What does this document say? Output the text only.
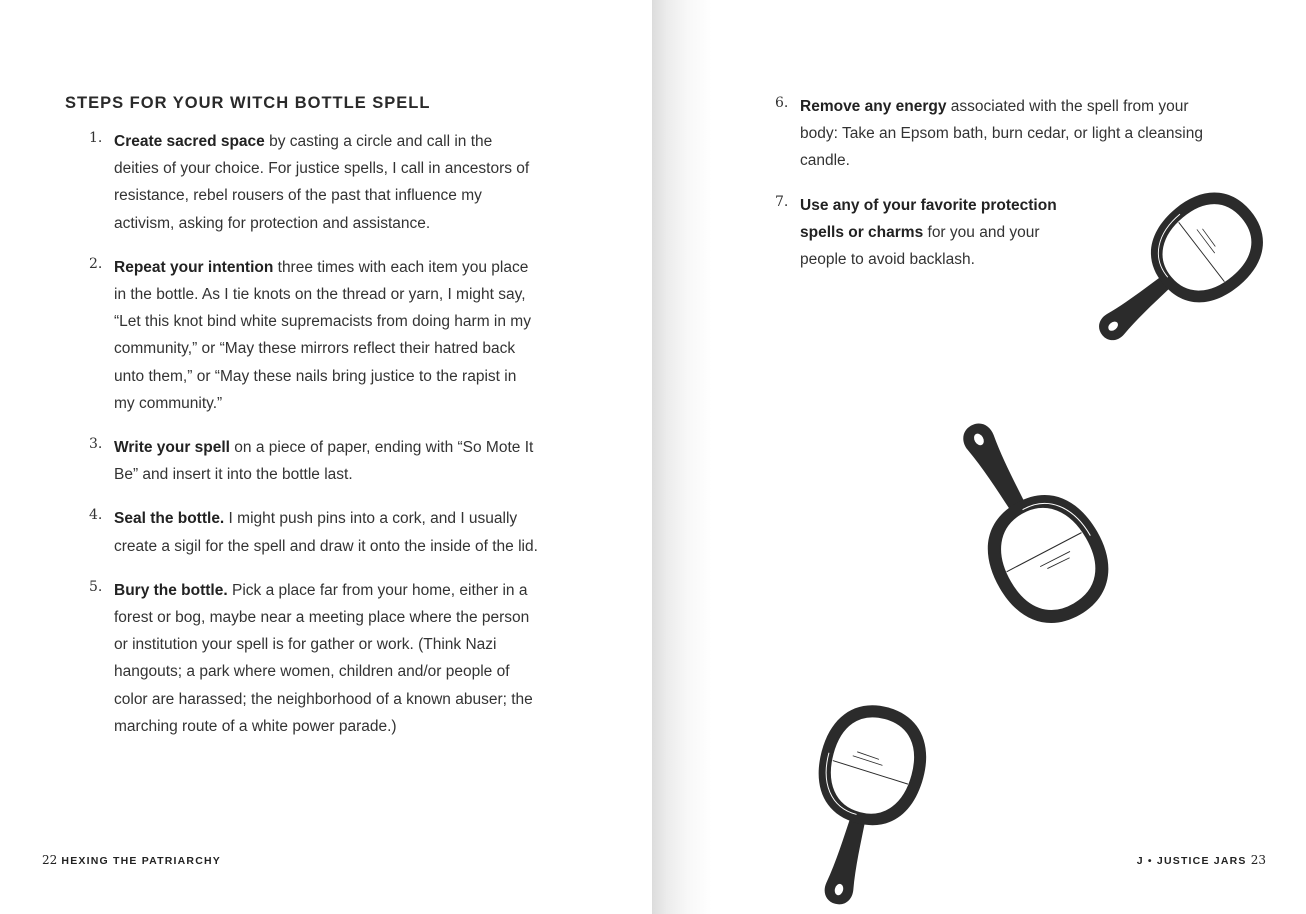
STEPS FOR YOUR WITCH BOTTLE SPELL
1. Create sacred space by casting a circle and call in the deities of your choice. For justice spells, I call in ancestors of resistance, rebel rousers of the past that influence my activism, asking for protection and assistance.
2. Repeat your intention three times with each item you place in the bottle. As I tie knots on the thread or yarn, I might say, “Let this knot bind white supremacists from doing harm in my community,” or “May these mirrors reflect their hatred back unto them,” or “May these nails bring justice to the rapist in my community.”
3. Write your spell on a piece of paper, ending with “So Mote It Be” and insert it into the bottle last.
4. Seal the bottle. I might push pins into a cork, and I usually create a sigil for the spell and draw it onto the inside of the lid.
5. Bury the bottle. Pick a place far from your home, either in a forest or bog, maybe near a meeting place where the person or institution your spell is for gather or work. (Think Nazi hangouts; a park where women, children and/or people of color are harassed; the neighborhood of a known abuser; the marching route of a white power parade.)
22 HEXING THE PATRIARCHY
6. Remove any energy associated with the spell from your body: Take an Epsom bath, burn cedar, or light a cleansing candle.
7. Use any of your favorite protection spells or charms for you and your people to avoid backlash.
J • JUSTICE JARS 23
